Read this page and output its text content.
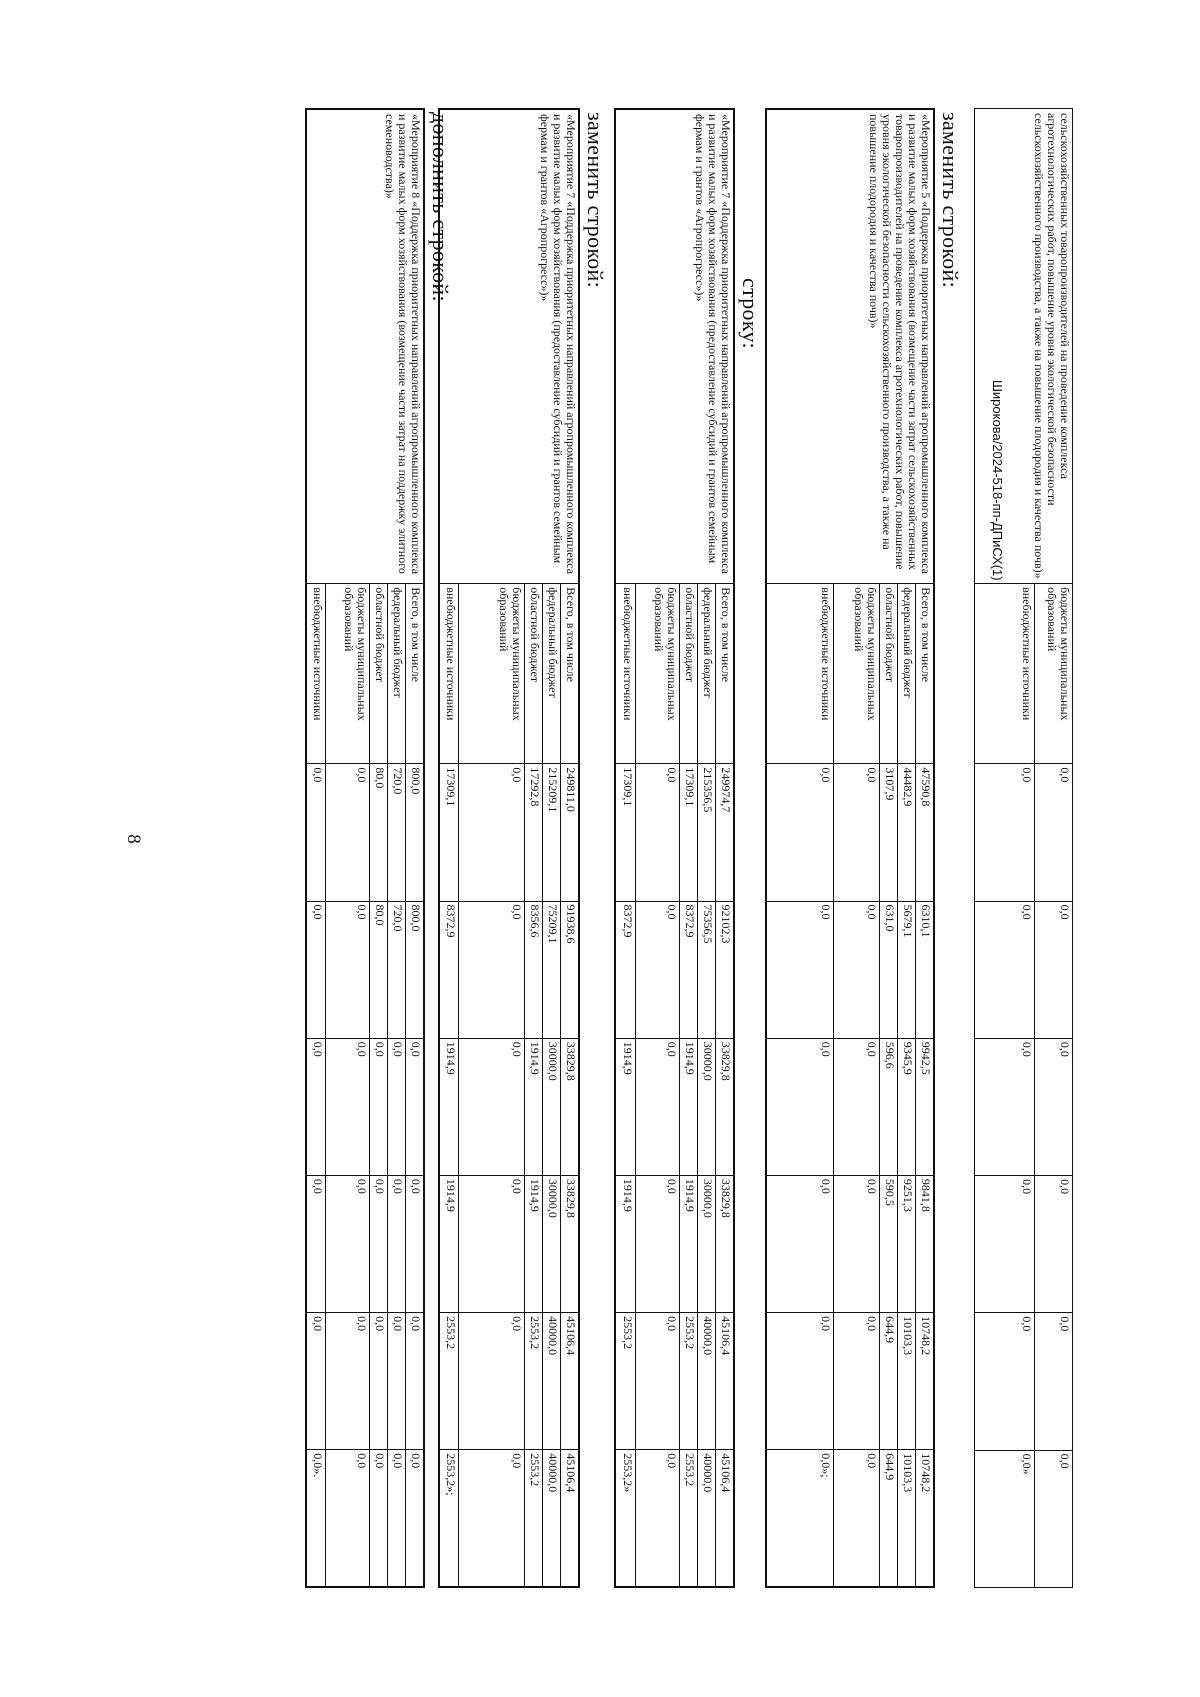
8
Широкова/2024-518-пп-ДПиСХ(1)
сельскохозяйственных товаропроизводителей на проведение комплекса агротехнологических работ, повышение уровня экологической безопасности сельскохозяйственного производства, а также на повышение плодородия и качества почв)»	бюджеты муниципальных образований	0,0	0,0	0,0	0,0	0,0	0,0
	внебюджетные источники	0,0	0,0	0,0	0,0	0,0	0,0»
заменить строкой:
«Мероприятие 5 «Поддержка приоритетных направлений агропромышленного комплекса и развитие малых форм хозяйствования (возмещение части затрат сельскохозяйственных товаропроизводителей на проведение комплекса агротехнологических работ, повышение уровня экологической безопасности сельскохозяйственного производства, а также на повышение плодородия и качества почв)»	Всего, в том числе	47590,8	6310,1	9942,5	9841,8	10748,2	10748,2
	федеральный бюджет	44482,9	5679,1	9345,9	9251,3	10103,3	10103,3
	областной бюджет	3107,9	631,0	596,6	590,5	644,9	644,9
	бюджеты муниципальных образований	0,0	0,0	0,0	0,0	0,0	0,0
	внебюджетные источники	0,0	0,0	0,0	0,0	0,0	0,0»;
строку:
«Мероприятие 7 «Поддержка приоритетных направлений агропромышленного комплекса и развитие малых форм хозяйствования (предоставление субсидий и грантов семейным фермам и грантов «Агропрогресс»)»	Всего, в том числе	249974,7	92102,3	33829,8	33829,8	45106,4	45106,4
	федеральный бюджет	215356,5	75356,5	30000,0	30000,0	40000,0	40000,0
	областной бюджет	17309,1	8372,9	1914,9	1914,9	2553,2	2553,2
	бюджеты муниципальных образований	0,0	0,0	0,0	0,0	0,0	0,0
	внебюджетные источники	17309,1	8372,9	1914,9	1914,9	2553,2	2553,2»
заменить строкой:
«Мероприятие 7 «Поддержка приоритетных направлений агропромышленного комплекса и развитие малых форм хозяйствования (предоставление субсидий и грантов семейным фермам и грантов «Агропрогресс»)»	Всего, в том числе	249811,0	91938,6	33829,8	33829,8	45106,4	45106,4
	федеральный бюджет	215209,1	75209,1	30000,0	30000,0	40000,0	40000,0
	областной бюджет	17292,8	8356,6	1914,9	1914,9	2553,2	2553,2
	бюджеты муниципальных образований	0,0	0,0	0,0	0,0	0,0	0,0
	внебюджетные источники	17309,1	8372,9	1914,9	1914,9	2553,2	2553,2»;
дополнить строкой:
«Мероприятие 8 «Поддержка приоритетных направлений агропромышленного комплекса и развитие малых форм хозяйствования (возмещение части затрат на поддержку элитного семеноводства)»	Всего, в том числе	800,0	800,0	0,0	0,0	0,0	0,0
	федеральный бюджет	720,0	720,0	0,0	0,0	0,0	0,0
	областной бюджет	80,0	80,0	0,0	0,0	0,0	0,0
	бюджеты муниципальных образований	0,0	0,0	0,0	0,0	0,0	0,0
	внебюджетные источники	0,0	0,0	0,0	0,0	0,0	0,0».
